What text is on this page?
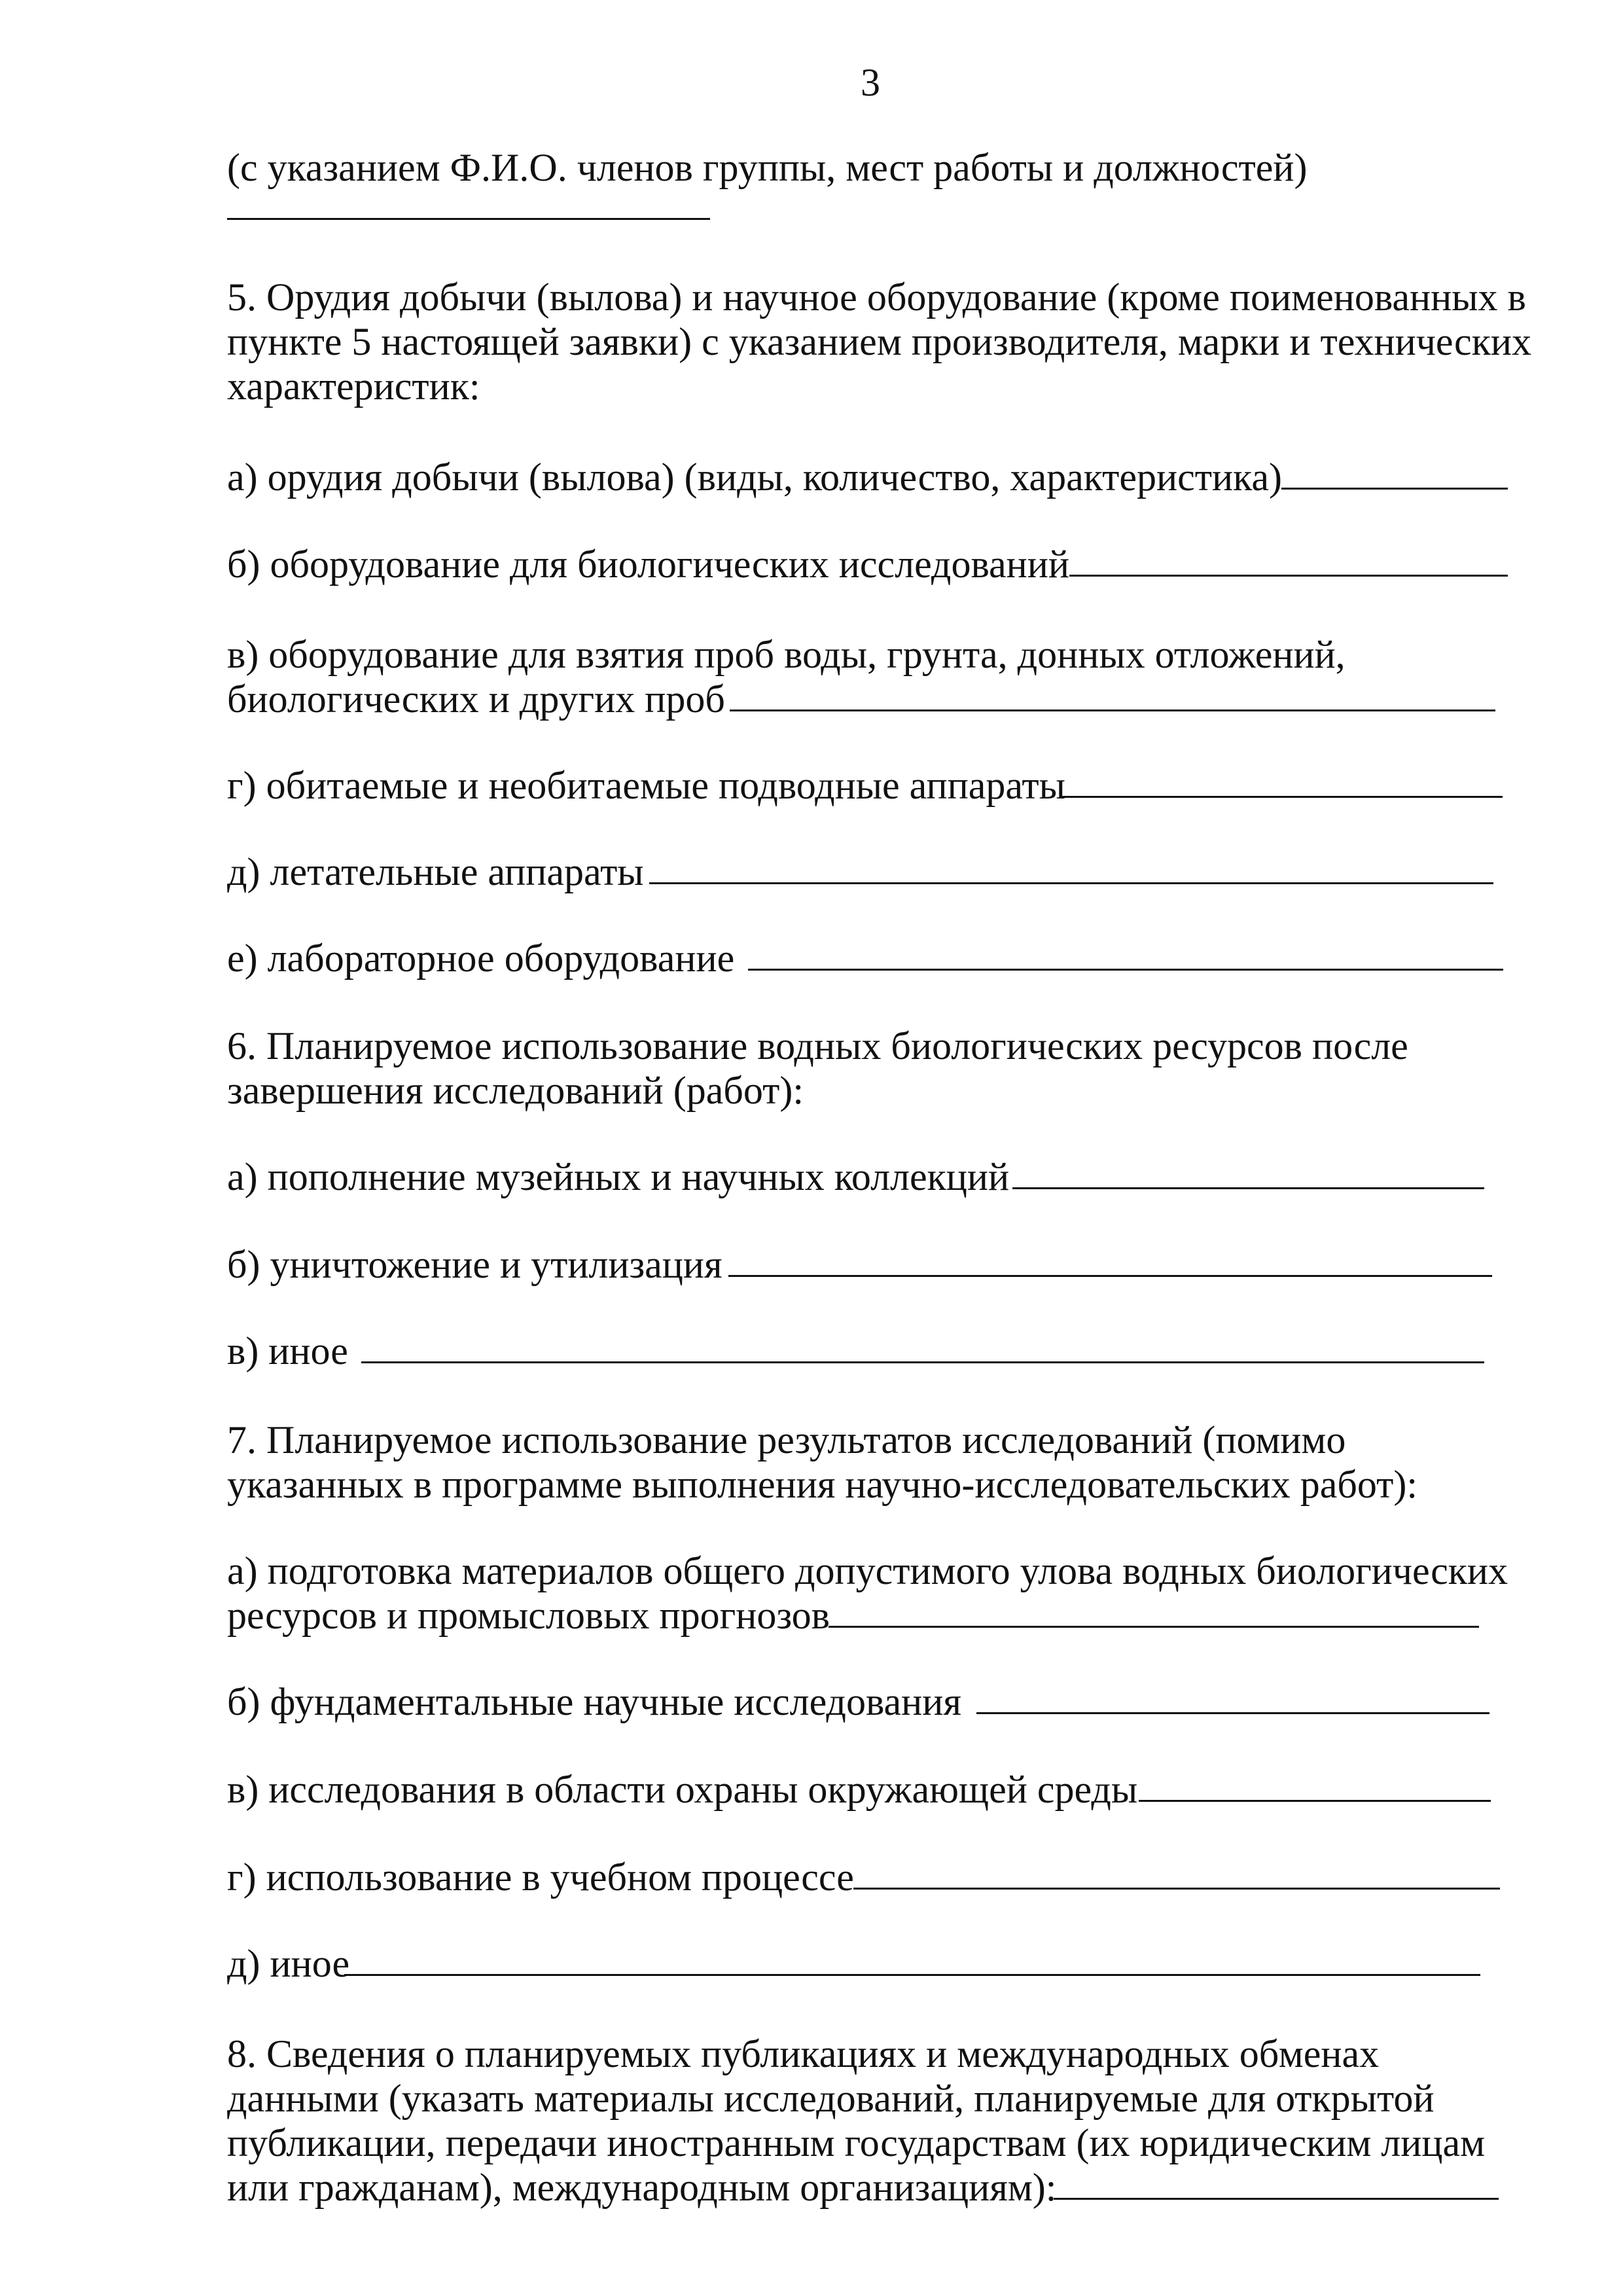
3
(с указанием Ф.И.О. членов группы, мест работы и должностей)
5. Орудия добычи (вылова) и научное оборудование (кроме поименованных в
пункте 5 настоящей заявки) с указанием производителя, марки и технических
характеристик:
а) орудия добычи (вылова) (виды, количество, характеристика)
б) оборудование для биологических исследований
в) оборудование для взятия проб воды, грунта, донных отложений,
биологических и других проб
г) обитаемые и необитаемые подводные аппараты
д) летательные аппараты
е) лабораторное оборудование
6. Планируемое использование водных биологических ресурсов после
завершения исследований (работ):
а) пополнение музейных и научных коллекций
б) уничтожение и утилизация
в) иное
7. Планируемое использование результатов исследований (помимо
указанных в программе выполнения научно-исследовательских работ):
а) подготовка материалов общего допустимого улова водных биологических
ресурсов и промысловых прогнозов
б) фундаментальные научные исследования
в) исследования в области охраны окружающей среды
г) использование в учебном процессе
д) иное
8. Сведения о планируемых публикациях и международных обменах
данными (указать материалы исследований, планируемые для открытой
публикации, передачи иностранным государствам (их юридическим лицам
или гражданам), международным организациям):
